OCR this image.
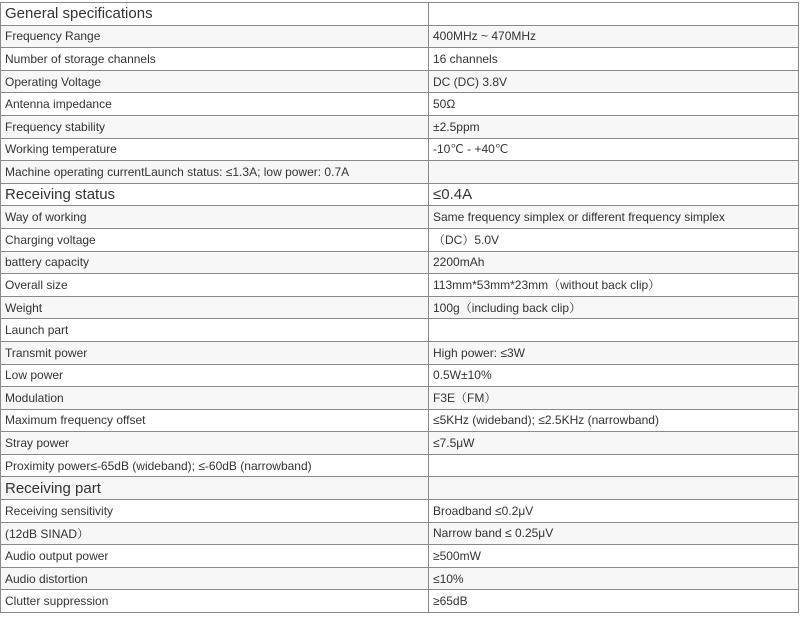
General specifications	
Frequency Range	400MHz ~ 470MHz
Number of storage channels	16 channels
Operating Voltage	DC (DC) 3.8V
Antenna impedance	50Ω
Frequency stability	±2.5ppm
Working temperature	-10℃ - +40℃
Machine operating currentLaunch status: ≤1.3A; low power: 0.7A	
Receiving status	≤0.4A
Way of working	Same frequency simplex or different frequency simplex
Charging voltage	（DC）5.0V
battery capacity	2200mAh
Overall size	113mm*53mm*23mm（without back clip）
Weight	100g（including back clip）
Launch part	
Transmit power	High power: ≤3W
Low power	0.5W±10%
Modulation	F3E（FM）
Maximum frequency offset	≤5KHz (wideband); ≤2.5KHz (narrowband)
Stray power	≤7.5μW
Proximity power≤-65dB (wideband); ≤-60dB (narrowband)	
Receiving part	
Receiving sensitivity	Broadband ≤0.2μV
(12dB SINAD）	Narrow band ≤ 0.25μV
Audio output power	≥500mW
Audio distortion	≤10%
Clutter suppression	≥65dB
